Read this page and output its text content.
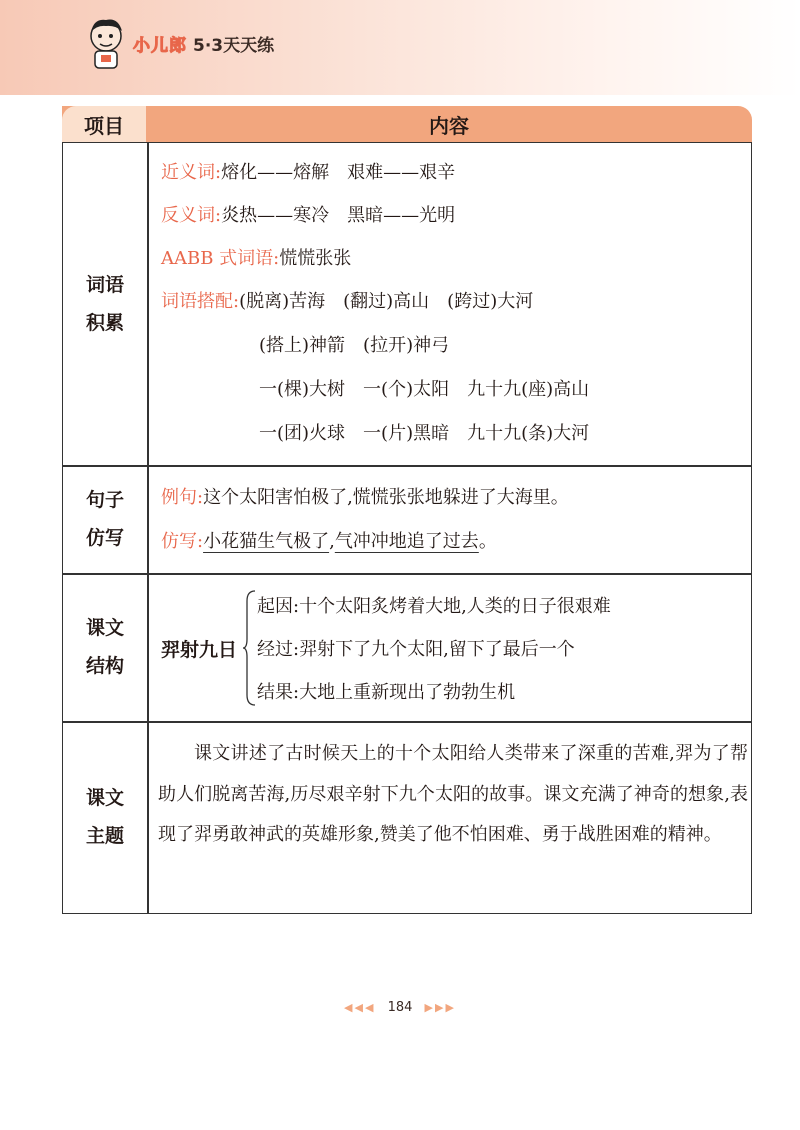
小儿郎 5·3天天练
项目	内容
词语
积累
近义词:熔化——熔解　艰难——艰辛
反义词:炎热——寒冷　黑暗——光明
AABB 式词语:慌慌张张
词语搭配:(脱离)苦海　(翻过)高山　(跨过)大河
(搭上)神箭　(拉开)神弓
一(棵)大树　一(个)太阳　九十九(座)高山
一(团)火球　一(片)黑暗　九十九(条)大河
句子
仿写
例句:这个太阳害怕极了,慌慌张张地躲进了大海里。
仿写:小花猫生气极了,气冲冲地追了过去。
课文
结构
羿射九日
起因:十个太阳炙烤着大地,人类的日子很艰难
经过:羿射下了九个太阳,留下了最后一个
结果:大地上重新现出了勃勃生机
课文
主题
课文讲述了古时候天上的十个太阳给人类带来了深重的苦难,羿为了帮助人们脱离苦海,历尽艰辛射下九个太阳的故事。课文充满了神奇的想象,表现了羿勇敢神武的英雄形象,赞美了他不怕困难、勇于战胜困难的精神。
◀◀◀ 184 ▶▶▶
